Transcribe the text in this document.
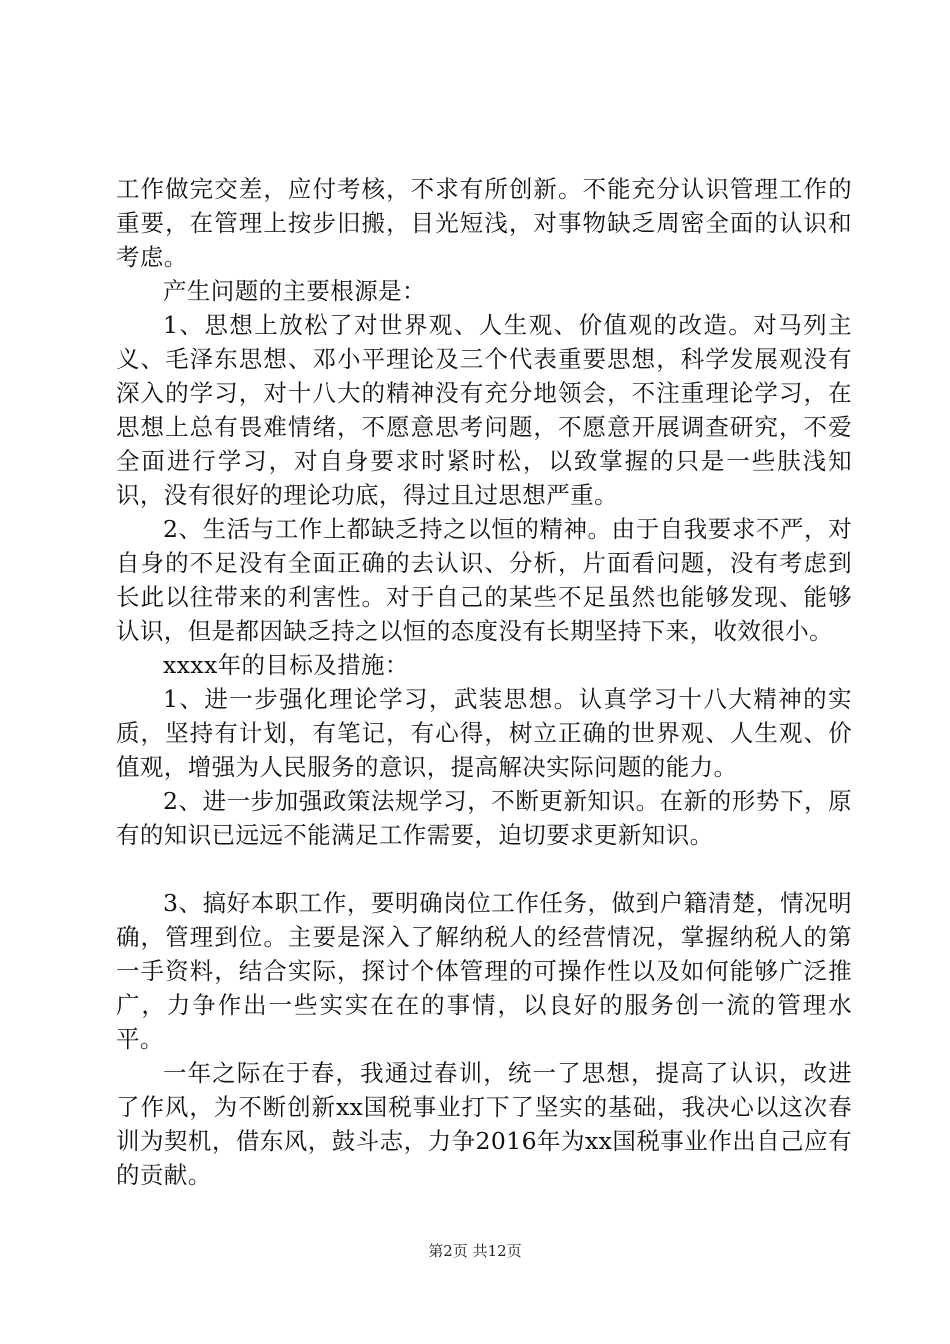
工作做完交差，应付考核，不求有所创新。不能充分认识管理工作的重要，在管理上按步旧搬，目光短浅，对事物缺乏周密全面的认识和考虑。

产生问题的主要根源是：

1、思想上放松了对世界观、人生观、价值观的改造。对马列主义、毛泽东思想、邓小平理论及三个代表重要思想，科学发展观没有深入的学习，对十八大的精神没有充分地领会，不注重理论学习，在思想上总有畏难情绪，不愿意思考问题，不愿意开展调查研究，不爱全面进行学习，对自身要求时紧时松，以致掌握的只是一些肤浅知识，没有很好的理论功底，得过且过思想严重。

2、生活与工作上都缺乏持之以恒的精神。由于自我要求不严，对自身的不足没有全面正确的去认识、分析，片面看问题，没有考虑到长此以往带来的利害性。对于自己的某些不足虽然也能够发现、能够认识，但是都因缺乏持之以恒的态度没有长期坚持下来，收效很小。

xxxx年的目标及措施：

1、进一步强化理论学习，武装思想。认真学习十八大精神的实质，坚持有计划，有笔记，有心得，树立正确的世界观、人生观、价值观，增强为人民服务的意识，提高解决实际问题的能力。

2、进一步加强政策法规学习，不断更新知识。在新的形势下，原有的知识已远远不能满足工作需要，迫切要求更新知识。

3、搞好本职工作，要明确岗位工作任务，做到户籍清楚，情况明确，管理到位。主要是深入了解纳税人的经营情况，掌握纳税人的第一手资料，结合实际，探讨个体管理的可操作性以及如何能够广泛推广，力争作出一些实实在在的事情，以良好的服务创一流的管理水平。

一年之际在于春，我通过春训，统一了思想，提高了认识，改进了作风，为不断创新xx国税事业打下了坚实的基础，我决心以这次春训为契机，借东风，鼓斗志，力争2016年为xx国税事业作出自己应有的贡献。

第2页 共12页
